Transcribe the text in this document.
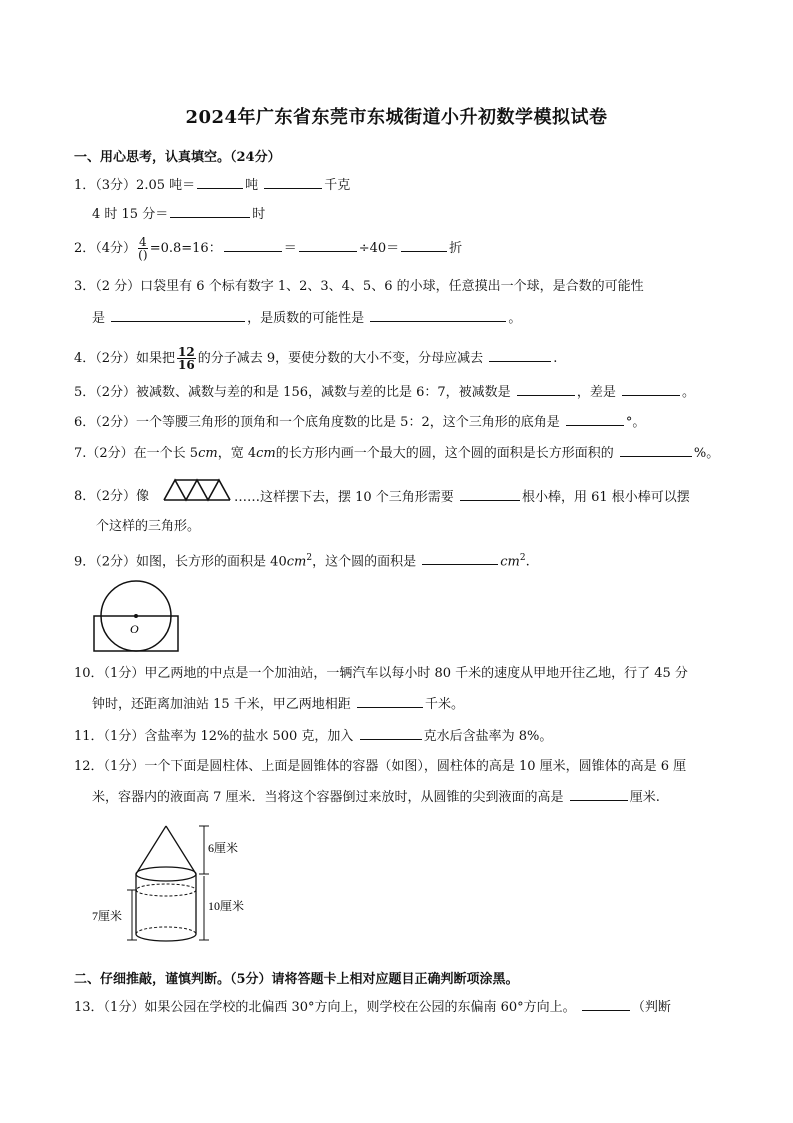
2024年广东省东莞市东城街道小升初数学模拟试卷
一、用心思考，认真填空。（24分）
1．（3分）2.05 吨＝	吨	千克
4 时 15 分＝	时
2．（4分） $\frac{4}{()} =0.8=16$：	＝	÷40＝	折
3．（2 分）口袋里有 6 个标有数字 1、2、3、4、5、6 的小球，任意摸出一个球，是合数的可能性
是	，是质数的可能性是	。
4．（2分）如果把 $\frac{12}{16}$ 的分子减去 9，要使分数的大小不变，分母应减去	.
5．（2分）被减数、减数与差的和是 156，减数与差的比是 6：7，被减数是	，差是	。
6．（2分）一个等腰三角形的顶角和一个底角度数的比是 5：2，这个三角形的底角是	°。
7.（2分）在一个长 5cm，宽 4cm的长方形内画一个最大的圆，这个圆的面积是长方形面积的	%。
8．（2分）像	……这样摆下去，摆 10 个三角形需要	根小棒，用 61 根小棒可以摆
个这样的三角形。
9．（2分）如图，长方形的面积是 $40cm^2$，这个圆的面积是	$cm^2$.
O
10．（1分）甲乙两地的中点是一个加油站，一辆汽车以每小时 80 千米的速度从甲地开往乙地，行了 45 分
钟时，还距离加油站 15 千米，甲乙两地相距	千米。
11．（1分）含盐率为 12%的盐水 500 克，加入	克水后含盐率为 8%。
12．（1分）一个下面是圆柱体、上面是圆锥体的容器（如图），圆柱体的高是 10 厘米，圆锥体的高是 6 厘
米，容器内的液面高 7 厘米．当将这个容器倒过来放时，从圆锥的尖到液面的高是	厘米.
6厘米
10厘米
7厘米
二、仔细推敲，谨慎判断。（5分）请将答题卡上相对应题目正确判断项涂黑。
13．（1分）如果公园在学校的北偏西 30°方向上，则学校在公园的东偏南 60°方向上。	（判断
